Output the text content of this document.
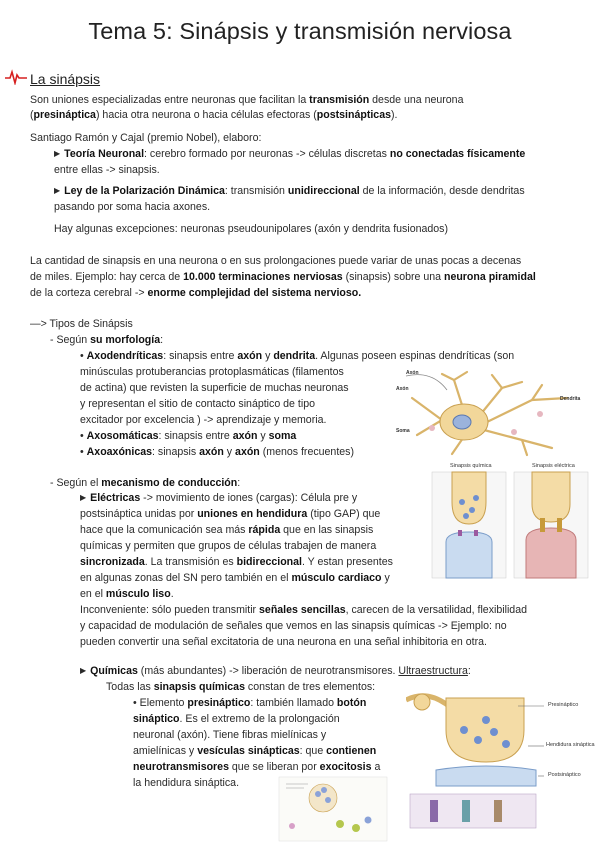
Tema 5: Sinápsis y transmisión nerviosa
La sinápsis

Son uniones especializadas entre neuronas que facilitan la transmisión desde una neurona

(presináptica) hacia otra neurona o hacia células efectoras (postsinápticas).

Santiago Ramón y Cajal (premio Nobel), elaboro:

▶ Teoría Neuronal: cerebro formado por neuronas -> células discretas no conectadas físicamente

entre ellas -> sinapsis.

▶ Ley de la Polarización Dinámica: transmisión unidireccional de la información, desde dendritas

pasando por soma hacia axones.

Hay algunas excepciones: neuronas pseudounipolares (axón y dendrita fusionados)

La cantidad de sinapsis en una neurona o en sus prolongaciones puede variar de unas pocas a decenas

de miles. Ejemplo: hay cerca de 10.000 terminaciones nerviosas (sinapsis) sobre una neurona piramidal

de la corteza cerebral -> enorme complejidad del sistema nervioso.

—> Tipos de Sinápsis

- Según su morfología:

• Axodendríticas: sinapsis entre axón y dendrita. Algunas poseen espinas dendríticas (son

minúsculas protuberancias protoplasmáticas (filamentos

de actina) que revisten la superficie de muchas neuronas

y representan el sitio de contacto sináptico de tipo

excitador por excelencia ) -> aprendizaje y memoria.

• Axosomáticas: sinapsis entre axón y soma

• Axoaxónicas: sinapsis axón y axón (menos frecuentes)

Axón
Axón
Soma
Dendrita

- Según el mecanismo de conducción:

▶ Eléctricas -> movimiento de iones (cargas): Célula pre y

postsináptica unidas por uniones en hendidura (tipo GAP) que

hace que la comunicación sea más rápida que en las sinapsis

químicas y permiten que grupos de células trabajen de manera

sincronizada. La transmisión es bidireccional. Y estan presentes

en algunas zonas del SN pero también en el músculo cardiaco y

en el músculo liso.

Inconveniente: sólo pueden transmitir señales sencillas, carecen de la versatilidad, flexibilidad

y capacidad de modulación de señales que vemos en las sinapsis químicas -> Ejemplo: no

pueden convertir una señal excitatoria de una neurona en una señal inhibitoria en otra.

Sinapsis química	Sinapsis eléctrica

▶ Químicas (más abundantes) -> liberación de neurotransmisores. Ultraestructura:

Todas las sinapsis químicas constan de tres elementos:

• Elemento presináptico: también llamado botón

sináptico. Es el extremo de la prolongación

neuronal (axón). Tiene fibras mielínicas y

amielínicas y vesículas sinápticas: que contienen

neurotransmisores que se liberan por exocitosis a

la hendidura sináptica.

Presináptico
Hendidura sináptica
Postsináptico
